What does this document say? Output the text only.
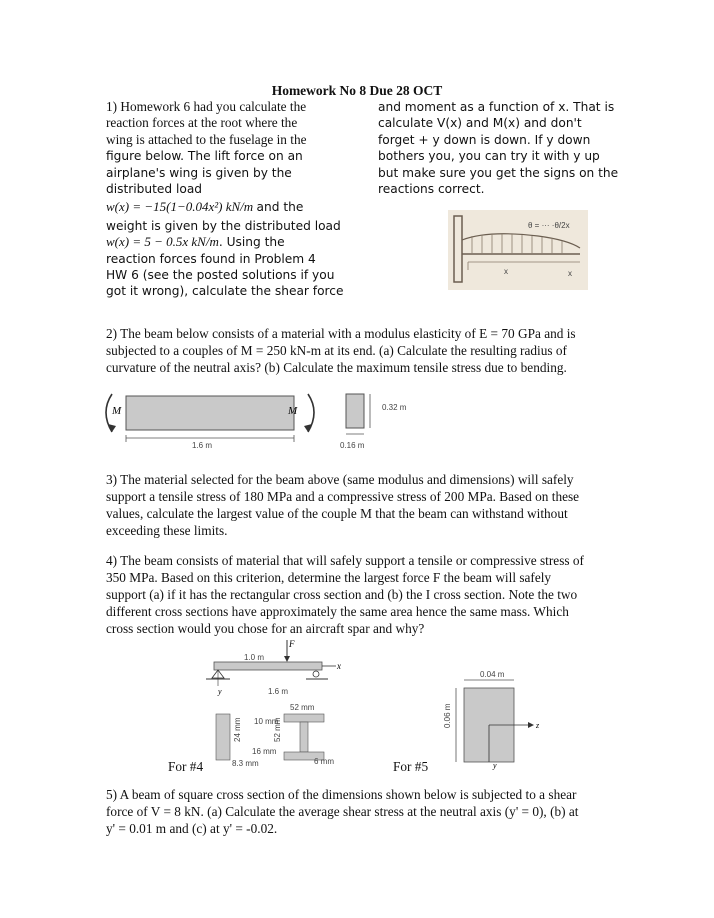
Homework No 8 Due 28 OCT
1) Homework 6 had you calculate the
reaction forces at the root where the
wing is attached to the fuselage in the
figure below. The lift force on an
airplane's wing is given by the
distributed load
w(x) = −15(1−0.04x²) kN/m and the
weight is given by the distributed load
w(x) = 5 − 0.5x kN/m. Using the
reaction forces found in Problem 4
HW 6 (see the posted solutions if you
got it wrong), calculate the shear force
and moment as a function of x. That is
calculate V(x) and M(x) and don't
forget + y down is down. If y down
bothers you, you can try it with y up
but make sure you get the signs on the
reactions correct.
θ = ··· ·θ/2x
x
x
2) The beam below consists of a material with a modulus elasticity of E = 70 GPa and is
subjected to a couples of M = 250 kN-m at its end. (a) Calculate the resulting radius of
curvature of the neutral axis? (b) Calculate the maximum tensile stress due to bending.
M	M
1.6 m
0.32 m
0.16 m
3) The material selected for the beam above (same modulus and dimensions) will safely
support a tensile stress of 180 MPa and a compressive stress of 200 MPa. Based on these
values, calculate the largest value of the couple M that the beam can withstand without
exceeding these limits.
4) The beam consists of material that will safely support a tensile or compressive stress of
350 MPa. Based on this criterion, determine the largest force F the beam will safely
support (a) if it has the rectangular cross section and (b) the I cross section. Note the two
different cross sections have approximately the same area hence the same mass. Which
cross section would you chose for an aircraft spar and why?
F
x
y
1.0 m
1.6 m
52 mm
10 mm
24 mm	52 mm
16 mm
8.3 mm	6 mm
For #4
0.04 m
0.06 m	z
y
For #5
5) A beam of square cross section of the dimensions shown below is subjected to a shear
force of V = 8 kN. (a) Calculate the average shear stress at the neutral axis (y' = 0), (b) at
y' = 0.01 m and (c) at y' = -0.02.
